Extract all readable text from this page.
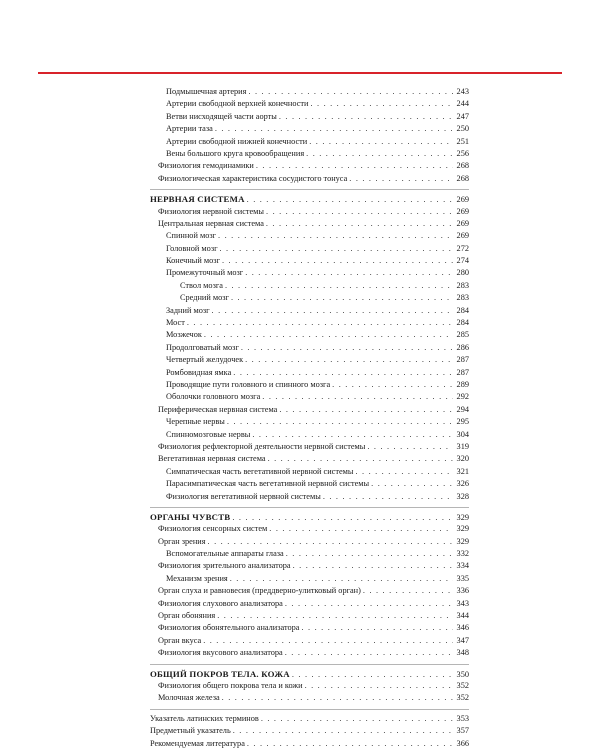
Подмышечная артерия . . .	243
Артерии свободной верхней конечности . . .	244
Ветви нисходящей части аорты . . .	247
Артерии таза . . .	250
Артерии свободной нижней конечности . . .	251
Вены большого круга кровообращения . . .	256
Физиология гемодинамики . . .	268
Физиологическая характеристика сосудистого тонуса . . .	268
НЕРВНАЯ СИСТЕМА . . .	269
Физиология нервной системы . . .	269
Центральная нервная система . . .	269
Спинной мозг . . .	269
Головной мозг . . .	272
Конечный мозг . . .	274
Промежуточный мозг . . .	280
Ствол мозга . . .	283
Средний мозг . . .	283
Задний мозг . . .	284
Мост . . .	284
Мозжечок . . .	285
Продолговатый мозг . . .	286
Четвертый желудочек . . .	287
Ромбовидная ямка . . .	287
Проводящие пути головного и спинного мозга . . .	289
Оболочки головного мозга . . .	292
Периферическая нервная система . . .	294
Черепные нервы . . .	295
Спинномозговые нервы . . .	304
Физиология рефлекторной деятельности нервной системы . . .	319
Вегетативная нервная система . . .	320
Симпатическая часть вегетативной нервной системы . . .	321
Парасимпатическая часть вегетативной нервной системы . . .	326
Физиология вегетативной нервной системы . . .	328
ОРГАНЫ ЧУВСТВ . . .	329
Физиология сенсорных систем . . .	329
Орган зрения . . .	329
Вспомогательные аппараты глаза . . .	332
Физиология зрительного анализатора . . .	334
Механизм зрения . . .	335
Орган слуха и равновесия (преддверно-улитковый орган) . . .	336
Физиология слухового анализатора . . .	343
Орган обоняния . . .	344
Физиология обонятельного анализатора . . .	346
Орган вкуса . . .	347
Физиология вкусового анализатора . . .	348
ОБЩИЙ ПОКРОВ ТЕЛА. КОЖА . . .	350
Физиология общего покрова тела и кожи . . .	352
Молочная железа . . .	352
Указатель латинских терминов . . .	353
Предметный указатель . . .	357
Рекомендуемая литература . . .	366
